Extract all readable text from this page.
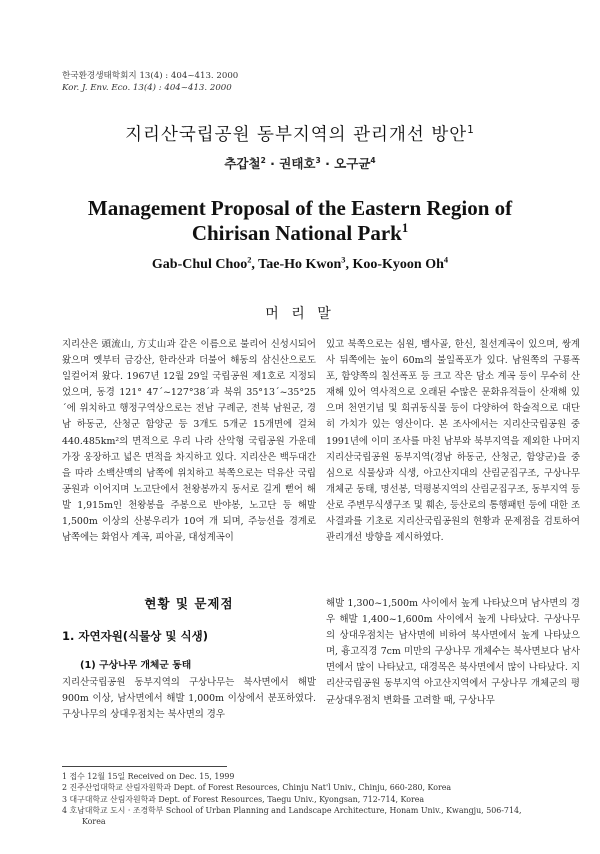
한국환경생태학회지 13(4) : 404~413. 2000
Kor. J. Env. Eco. 13(4) : 404~413. 2000
지리산국립공원 동부지역의 관리개선 방안$^1$
추갑철$^2$ · 권태호$^3$ · 오구균$^4$
Management Proposal of the Eastern Region of Chirisan National Park$^1$
Gab-Chul Choo$^2$, Tae-Ho Kwon$^3$, Koo-Kyoon Oh$^4$
머 리 말

지리산은 頭流山, 方丈山과 같은 이름으로 불리어 신성시되어 왔으며 옛부터 금강산, 한라산과 더불어 해동의 삼신산으로도 일컬어져 왔다. 1967년 12월 29일 국립공원 제1호로 지정되었으며, 동경 121° 47´~127°38´과 북위 35°13´~35°25´에 위치하고 행정구역상으로는 전남 구례군, 전북 남원군, 경남 하동군, 산청군 함양군 등 3개도 5개군 15개면에 걸쳐 440.485km²의 면적으로 우리 나라 산악형 국립공원 가운데 가장 웅장하고 넓은 면적을 차지하고 있다. 지리산은 백두대간을 따라 소백산맥의 남쪽에 위치하고 북쪽으로는 덕유산 국립공원과 이어지며 노고단에서 천왕봉까지 동서로 길게 뻗어 해발 1,915m인 천왕봉을 주봉으로 반야봉, 노고단 등 해발 1,500m 이상의 산봉우리가 10여 개 되며, 주능선을 경계로 남쪽에는 화엄사 계곡, 피아골, 대성계곡이

있고 북쪽으로는 심원, 뱀사골, 한신, 칠선계곡이 있으며, 쌍계사 뒤쪽에는 높이 60m의 불일폭포가 있다. 남원쪽의 구룡폭포, 함양쪽의 칠선폭포 등 크고 작은 담소 계곡 등이 무수히 산재해 있어 역사적으로 오래된 수많은 문화유적들이 산재해 있으며 천연기념 및 희귀동식물 등이 다양하여 학술적으로 대단히 가치가 있는 영산이다. 본 조사에서는 지리산국립공원 중 1991년에 이미 조사를 마친 남부와 북부지역을 제외한 나머지 지리산국립공원 동부지역(경남 하동군, 산청군, 함양군)을 중심으로 식물상과 식생, 아고산지대의 산림군집구조, 구상나무 개체군 동태, 명선봉, 덕평봉지역의 산림군집구조, 동부지역 등산로 주변무식생구조 및 훼손, 등산로의 통행패턴 등에 대한 조사결과를 기초로 지리산국립공원의 현황과 문제점을 검토하여 관리개선 방향을 제시하였다.

현황 및 문제점
1. 자연자원(식물상 및 식생)
(1) 구상나무 개체군 동태

지리산국립공원 동부지역의 구상나무는 북사면에서 해발 900m 이상, 남사면에서 해발 1,000m 이상에서 분포하였다. 구상나무의 상대우점치는 북사면의 경우

해발 1,300~1,500m 사이에서 높게 나타났으며 남사면의 경우 해발 1,400~1,600m 사이에서 높게 나타났다. 구상나무의 상대우점치는 남사면에 비하여 북사면에서 높게 나타났으며, 흉고직경 7cm 미만의 구상나무 개체수는 북사면보다 남사면에서 많이 나타났고, 대경목은 북사면에서 많이 나타났다. 지리산국립공원 동부지역 아고산지역에서 구상나무 개체군의 평균상대우점치 변화를 고려할 때, 구상나무

1 접수 12월 15일 Received on Dec. 15, 1999

2 진주산업대학교 산림자원학과 Dept. of Forest Resources, Chinju Nat'l Univ., Chinju, 660-280, Korea

3 대구대학교 산림자원학과 Dept. of Forest Resources, Taegu Univ., Kyongsan, 712-714, Korea

4 호남대학교 도시 · 조경학부 School of Urban Planning and Landscape Architecture, Honam Univ., Kwangju, 506-714,

Korea
